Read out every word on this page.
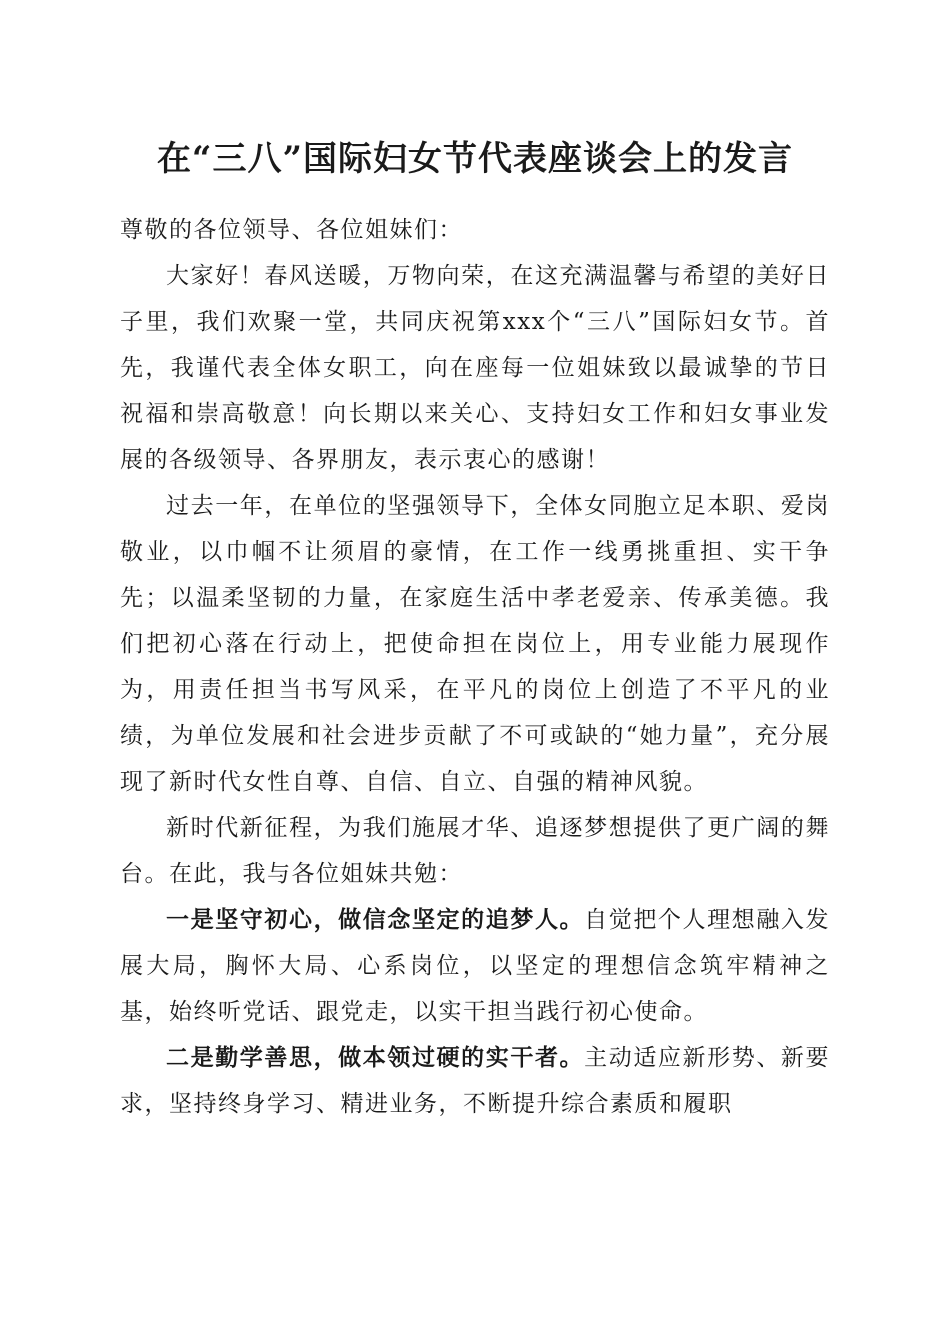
在“三八”国际妇女节代表座谈会上的发言

尊敬的各位领导、各位姐妹们：

大家好！春风送暖，万物向荣，在这充满温馨与希望的美好日子里，我们欢聚一堂，共同庆祝第xxx个“三八”国际妇女节。首先，我谨代表全体女职工，向在座每一位姐妹致以最诚挚的节日祝福和崇高敬意！向长期以来关心、支持妇女工作和妇女事业发展的各级领导、各界朋友，表示衷心的感谢！

过去一年，在单位的坚强领导下，全体女同胞立足本职、爱岗敬业，以巾帼不让须眉的豪情，在工作一线勇挑重担、实干争先；以温柔坚韧的力量，在家庭生活中孝老爱亲、传承美德。我们把初心落在行动上，把使命担在岗位上，用专业能力展现作为，用责任担当书写风采，在平凡的岗位上创造了不平凡的业绩，为单位发展和社会进步贡献了不可或缺的“她力量”，充分展现了新时代女性自尊、自信、自立、自强的精神风貌。

新时代新征程，为我们施展才华、追逐梦想提供了更广阔的舞台。在此，我与各位姐妹共勉：

一是坚守初心，做信念坚定的追梦人。自觉把个人理想融入发展大局，胸怀大局、心系岗位，以坚定的理想信念筑牢精神之基，始终听党话、跟党走，以实干担当践行初心使命。

二是勤学善思，做本领过硬的实干者。主动适应新形势、新要求，坚持终身学习、精进业务，不断提升综合素质和履职
